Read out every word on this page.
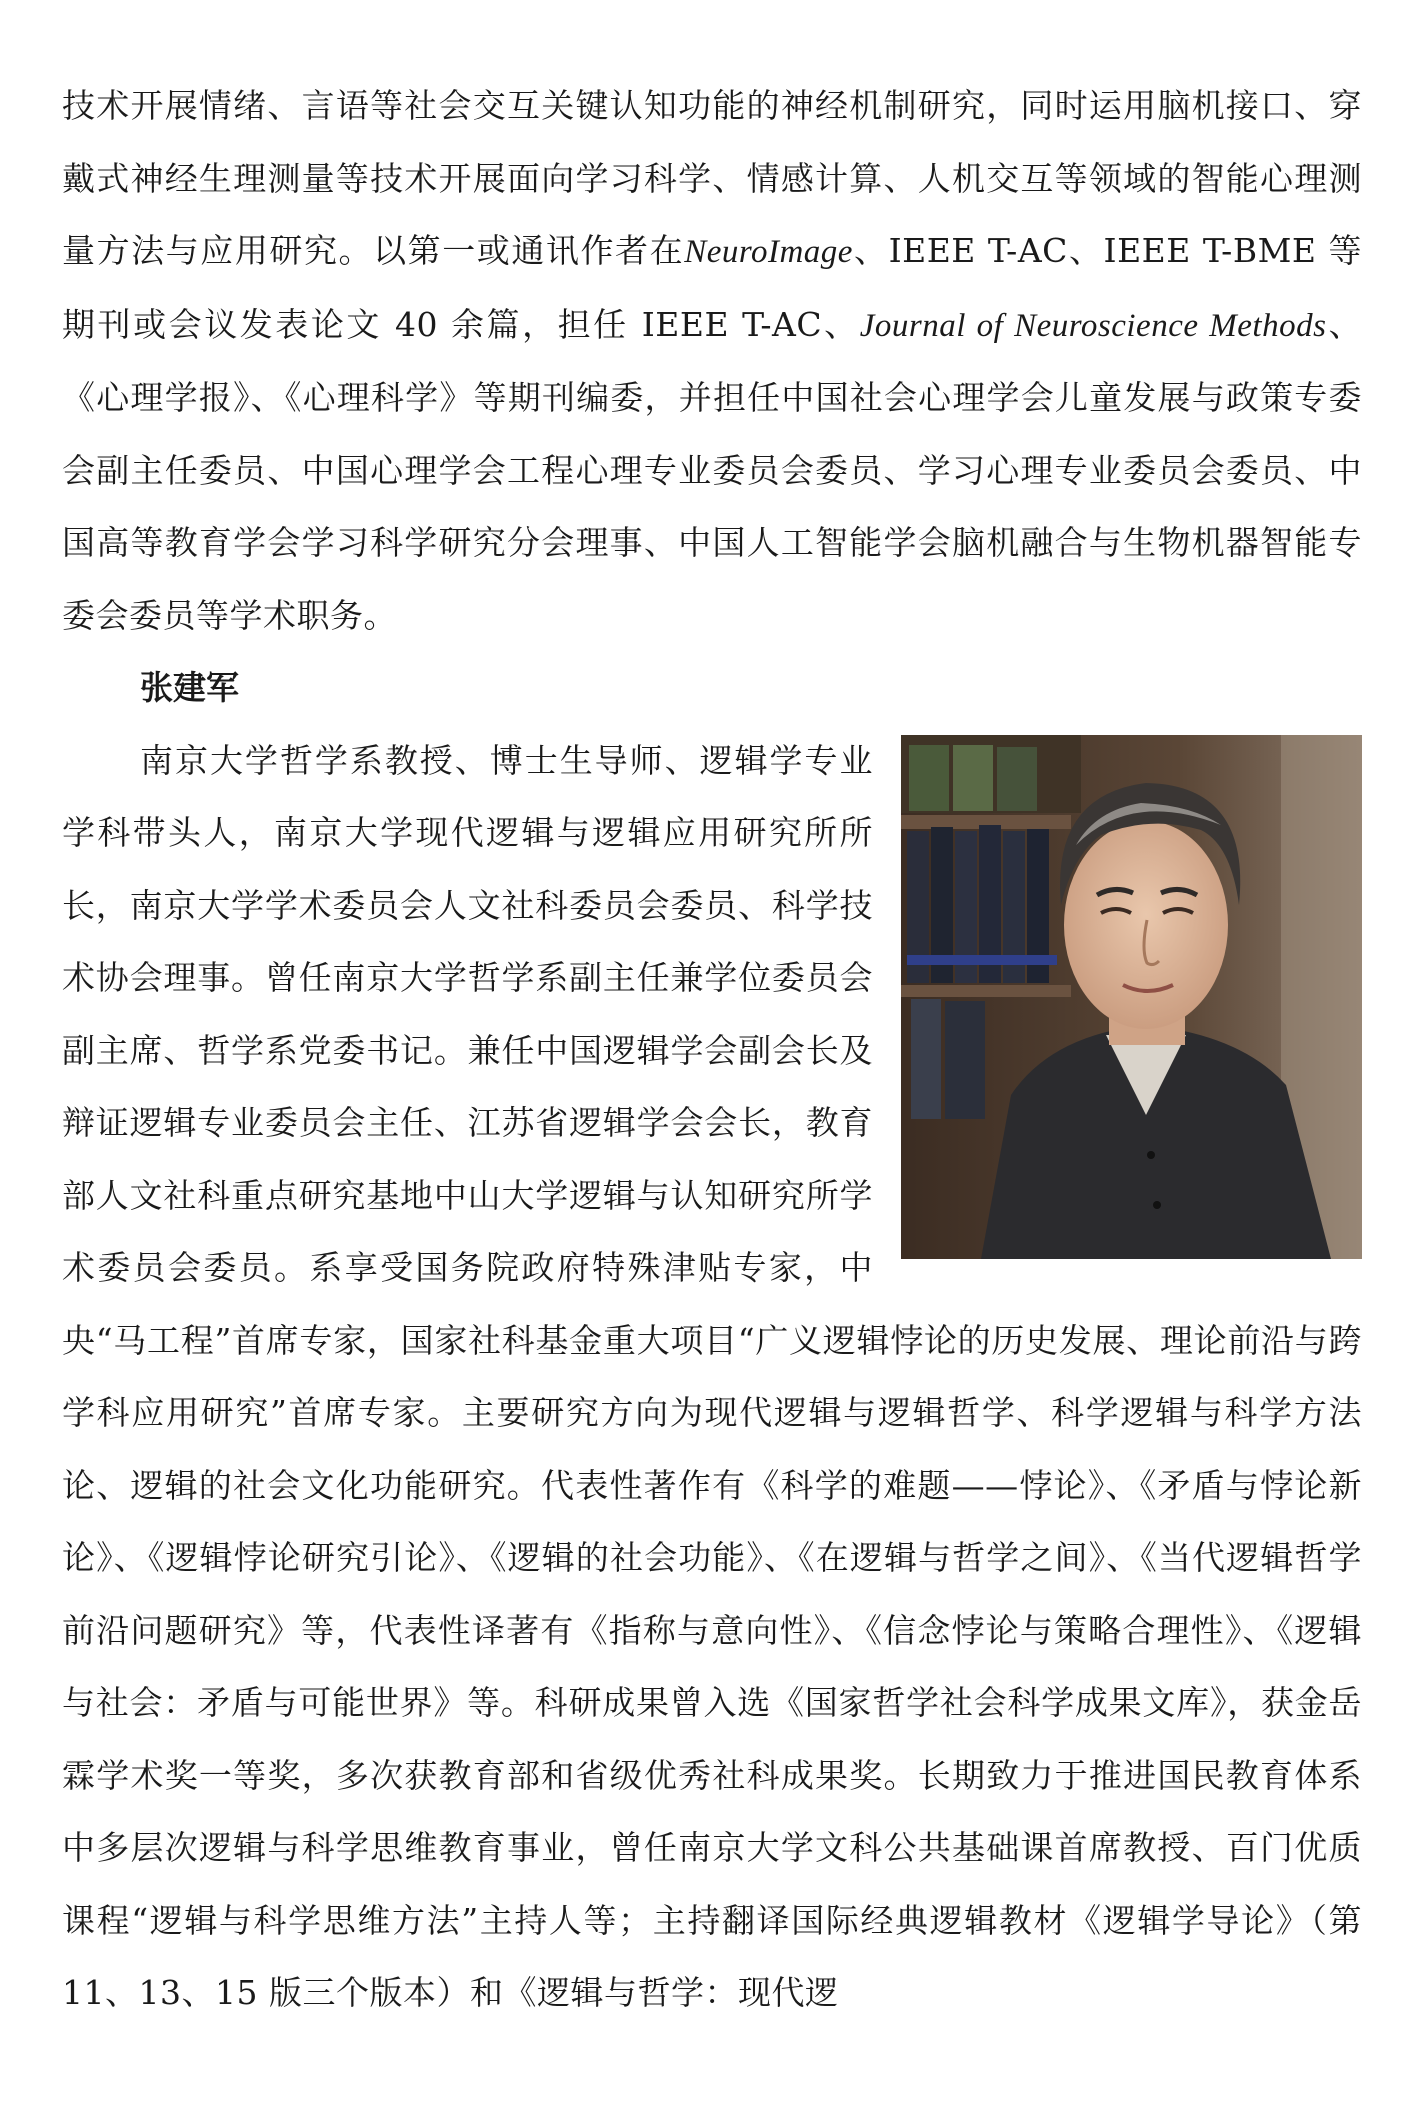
技术开展情绪、言语等社会交互关键认知功能的神经机制研究，同时运用脑机接口、穿戴式神经生理测量等技术开展面向学习科学、情感计算、人机交互等领域的智能心理测量方法与应用研究。以第一或通讯作者在NeuroImage、IEEE T-AC、IEEE T-BME 等期刊或会议发表论文 40 余篇，担任 IEEE T-AC、Journal of Neuroscience Methods、《心理学报》、《心理科学》等期刊编委，并担任中国社会心理学会儿童发展与政策专委会副主任委员、中国心理学会工程心理专业委员会委员、学习心理专业委员会委员、中国高等教育学会学习科学研究分会理事、中国人工智能学会脑机融合与生物机器智能专委会委员等学术职务。

张建军

南京大学哲学系教授、博士生导师、逻辑学专业学科带头人，南京大学现代逻辑与逻辑应用研究所所长，南京大学学术委员会人文社科委员会委员、科学技术协会理事。曾任南京大学哲学系副主任兼学位委员会副主席、哲学系党委书记。兼任中国逻辑学会副会长及辩证逻辑专业委员会主任、江苏省逻辑学会会长，教育部人文社科重点研究基地中山大学逻辑与认知研究所学术委员会委员。系享受国务院政府特殊津贴专家，中央“马工程”首席专家，国家社科基金重大项目“广义逻辑悖论的历史发展、理论前沿与跨学科应用研究”首席专家。主要研究方向为现代逻辑与逻辑哲学、科学逻辑与科学方法论、逻辑的社会文化功能研究。代表性著作有《科学的难题——悖论》、《矛盾与悖论新论》、《逻辑悖论研究引论》、《逻辑的社会功能》、《在逻辑与哲学之间》、《当代逻辑哲学前沿问题研究》等，代表性译著有《指称与意向性》、《信念悖论与策略合理性》、《逻辑与社会：矛盾与可能世界》等。科研成果曾入选《国家哲学社会科学成果文库》，获金岳霖学术奖一等奖，多次获教育部和省级优秀社科成果奖。长期致力于推进国民教育体系中多层次逻辑与科学思维教育事业，曾任南京大学文科公共基础课首席教授、百门优质课程“逻辑与科学思维方法”主持人等；主持翻译国际经典逻辑教材《逻辑学导论》（第 11、13、15 版三个版本）和《逻辑与哲学：现代逻
